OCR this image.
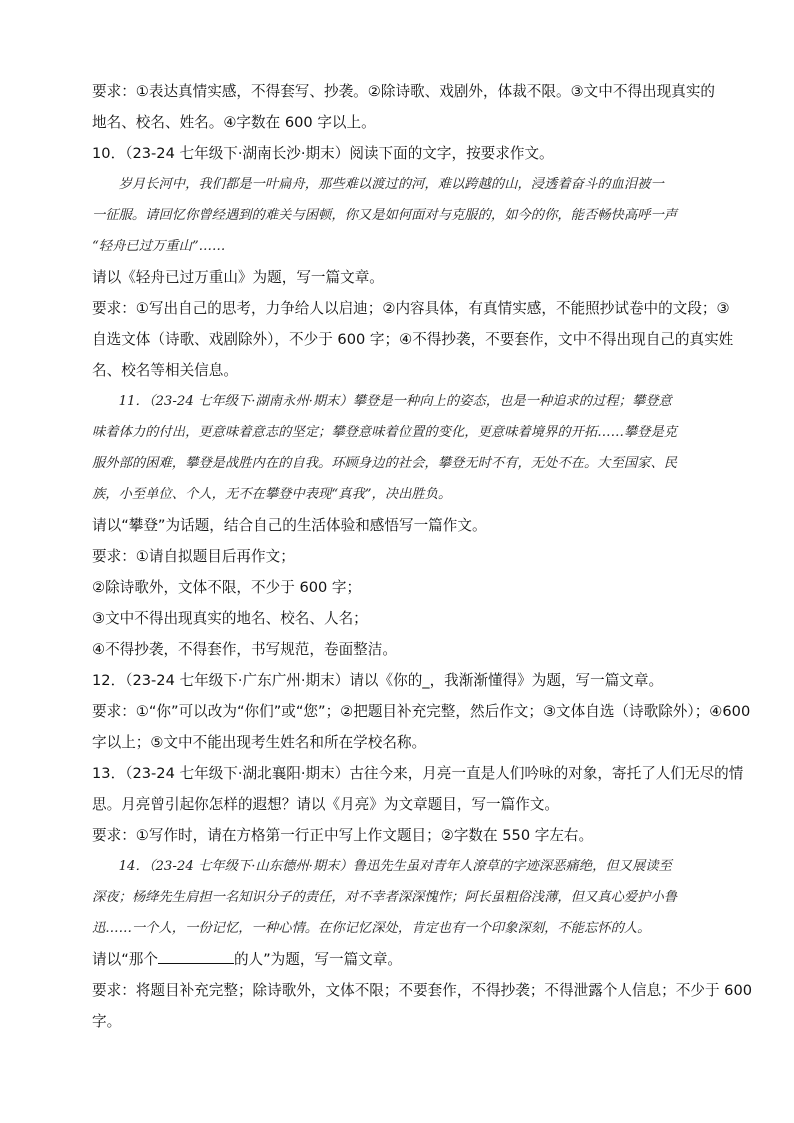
要求：①表达真情实感，不得套写、抄袭。②除诗歌、戏剧外，体裁不限。③文中不得出现真实的

地名、校名、姓名。④字数在 600 字以上。

10．（23-24 七年级下·湖南长沙·期末）阅读下面的文字，按要求作文。

　　岁月长河中，我们都是一叶扁舟，那些难以渡过的河，难以跨越的山，浸透着奋斗的血泪被一

一征服。请回忆你曾经遇到的难关与困顿，你又是如何面对与克服的，如今的你，能否畅快高呼一声

“轻舟已过万重山”……

请以《轻舟已过万重山》为题，写一篇文章。

要求：①写出自己的思考，力争给人以启迪；②内容具体，有真情实感，不能照抄试卷中的文段；③

自选文体（诗歌、戏剧除外），不少于 600 字；④不得抄袭，不要套作，文中不得出现自己的真实姓

名、校名等相关信息。

　　11．（23-24 七年级下·湖南永州·期末）攀登是一种向上的姿态，也是一种追求的过程；攀登意

味着体力的付出，更意味着意志的坚定；攀登意味着位置的变化，更意味着境界的开拓……攀登是克

服外部的困难，攀登是战胜内在的自我。环顾身边的社会，攀登无时不有，无处不在。大至国家、民

族，小至单位、个人，无不在攀登中表现“真我”，决出胜负。

请以“攀登”为话题，结合自己的生活体验和感悟写一篇作文。

要求：①请自拟题目后再作文；

②除诗歌外，文体不限，不少于 600 字；

③文中不得出现真实的地名、校名、人名；

④不得抄袭，不得套作，书写规范，卷面整洁。

12．（23-24 七年级下·广东广州·期末）请以《你的_，我渐渐懂得》为题，写一篇文章。

要求：①“你”可以改为“你们”或“您”；②把题目补充完整，然后作文；③文体自选（诗歌除外）；④600

字以上；⑤文中不能出现考生姓名和所在学校名称。

13．（23-24 七年级下·湖北襄阳·期末）古往今来，月亮一直是人们吟咏的对象，寄托了人们无尽的情

思。月亮曾引起你怎样的遐想？请以《月亮》为文章题目，写一篇作文。

要求：①写作时，请在方格第一行正中写上作文题目；②字数在 550 字左右。

　　14．（23-24 七年级下·山东德州·期末）鲁迅先生虽对青年人潦草的字迹深恶痛绝，但又展读至

深夜；杨绛先生肩担一名知识分子的责任，对不幸者深深愧怍；阿长虽粗俗浅薄，但又真心爱护小鲁

迅……一个人，一份记忆，一种心情。在你记忆深处，肯定也有一个印象深刻，不能忘怀的人。

请以“那个	的人”为题，写一篇文章。

要求：将题目补充完整；除诗歌外，文体不限；不要套作，不得抄袭；不得泄露个人信息；不少于 600

字。
